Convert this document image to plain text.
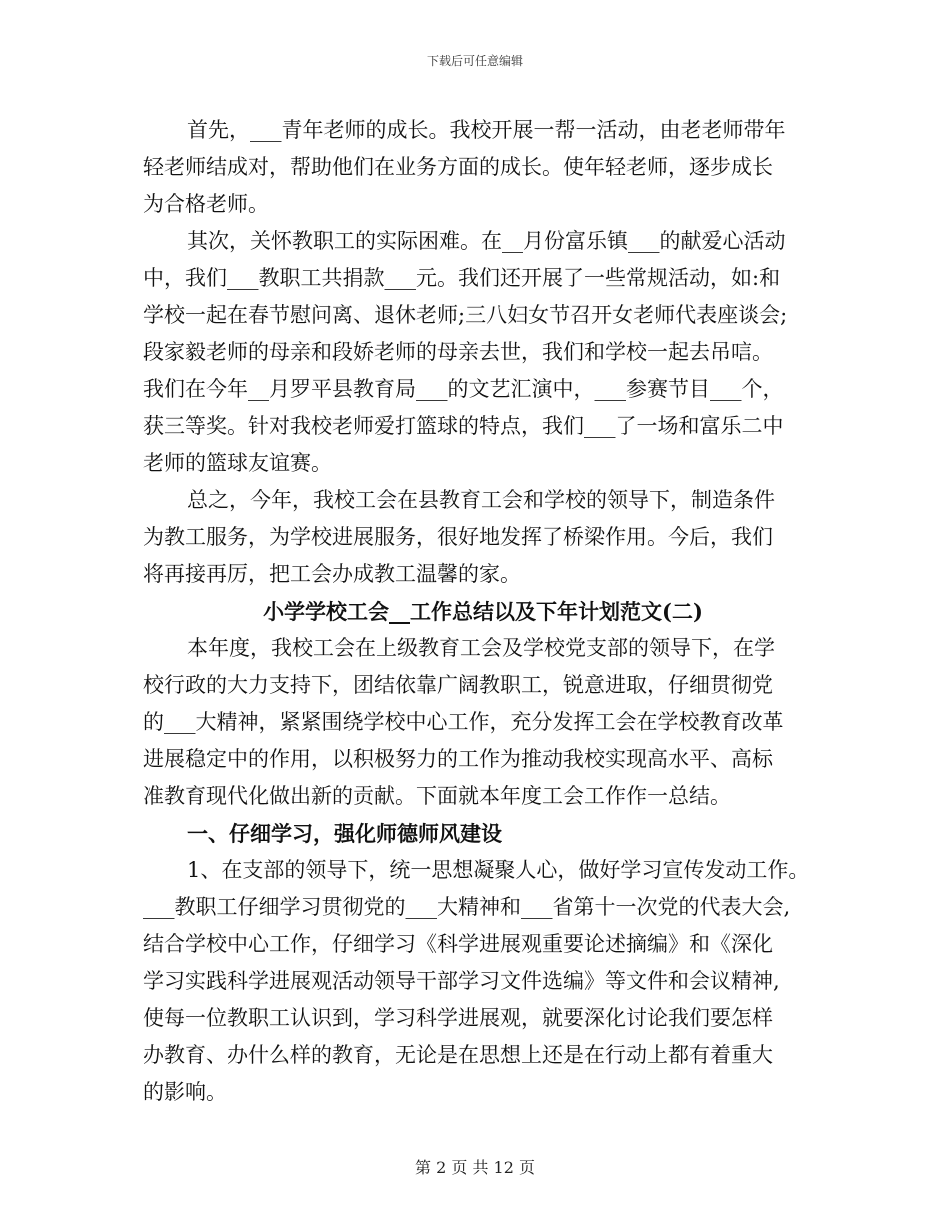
下载后可任意编辑
首先，___青年老师的成长。我校开展一帮一活动，由老老师带年
轻老师结成对，帮助他们在业务方面的成长。使年轻老师，逐步成长
为合格老师。
其次，关怀教职工的实际困难。在__月份富乐镇___的献爱心活动
中，我们___教职工共捐款___元。我们还开展了一些常规活动，如:和
学校一起在春节慰问离、退休老师;三八妇女节召开女老师代表座谈会;
段家毅老师的母亲和段娇老师的母亲去世，我们和学校一起去吊唁。
我们在今年__月罗平县教育局___的文艺汇演中，___参赛节目___个，
获三等奖。针对我校老师爱打篮球的特点，我们___了一场和富乐二中
老师的篮球友谊赛。
总之，今年，我校工会在县教育工会和学校的领导下，制造条件
为教工服务，为学校进展服务，很好地发挥了桥梁作用。今后，我们
将再接再厉，把工会办成教工温馨的家。
小学学校工会__工作总结以及下年计划范文(二)
本年度，我校工会在上级教育工会及学校党支部的领导下，在学
校行政的大力支持下，团结依靠广阔教职工，锐意进取，仔细贯彻党
的___大精神，紧紧围绕学校中心工作，充分发挥工会在学校教育改革
进展稳定中的作用，以积极努力的工作为推动我校实现高水平、高标
准教育现代化做出新的贡献。下面就本年度工会工作作一总结。
一、仔细学习，强化师德师风建设
1、在支部的领导下，统一思想凝聚人心，做好学习宣传发动工作。
___教职工仔细学习贯彻党的___大精神和___省第十一次党的代表大会,
结合学校中心工作，仔细学习《科学进展观重要论述摘编》和《深化
学习实践科学进展观活动领导干部学习文件选编》等文件和会议精神,
使每一位教职工认识到，学习科学进展观，就要深化讨论我们要怎样
办教育、办什么样的教育，无论是在思想上还是在行动上都有着重大
的影响。
第 2 页 共 12 页
